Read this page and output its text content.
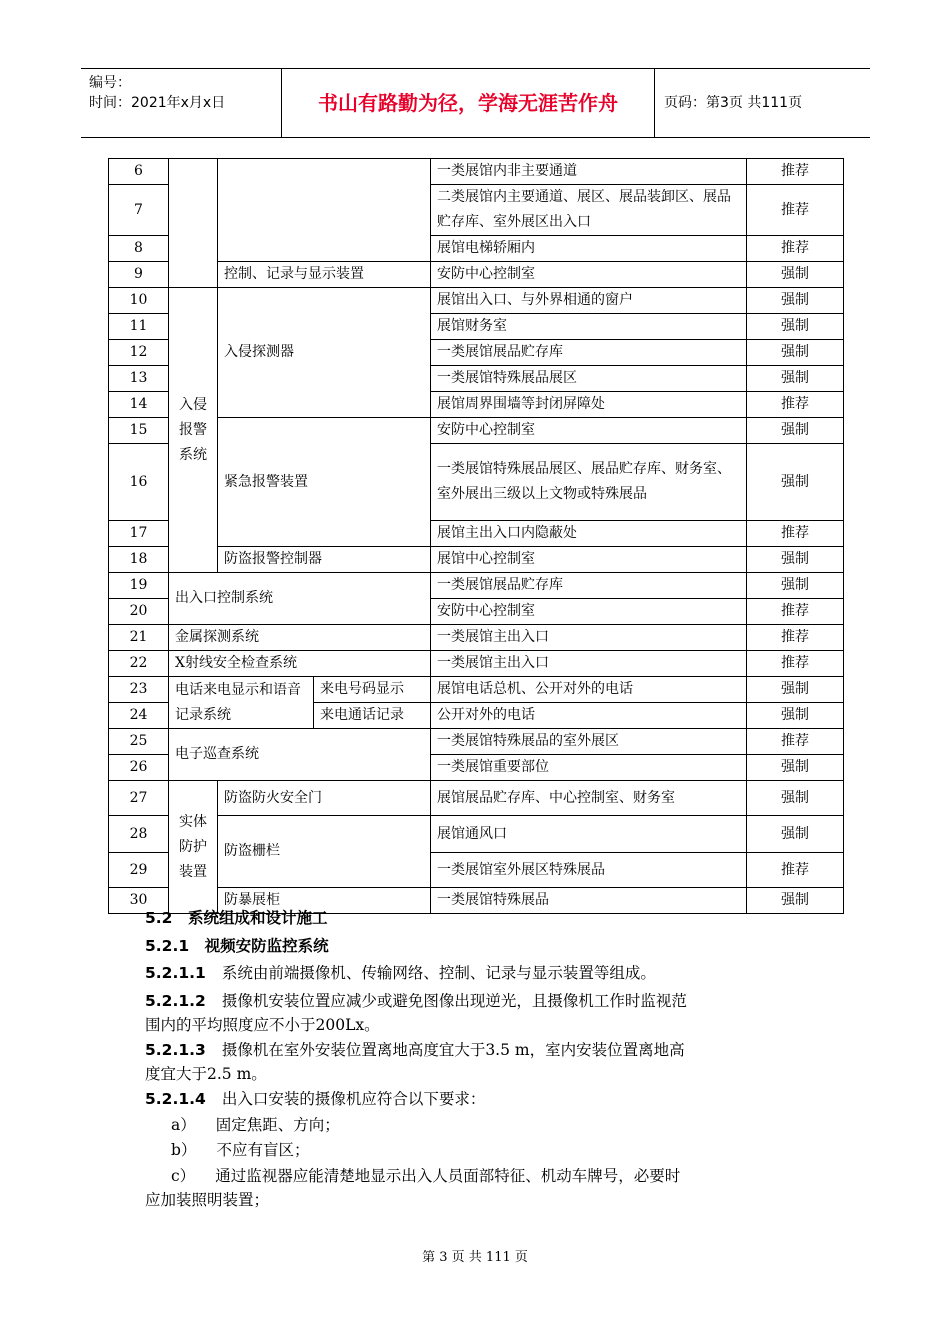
编号：
时间：2021年x月x日	书山有路勤为径，学海无涯苦作舟	页码：第3页 共111页
6				一类展馆内非主要通道	推荐
7				二类展馆内主要通道、展区、展品装卸区、展品贮存库、室外展区出入口	推荐
8				展馆电梯轿厢内	推荐
9		控制、记录与显示装置		安防中心控制室	强制
10	入侵报警系统	入侵探测器		展馆出入口、与外界相通的窗户	强制
11				展馆财务室	强制
12				一类展馆展品贮存库	强制
13				一类展馆特殊展品展区	强制
14				展馆周界围墙等封闭屏障处	推荐
15		紧急报警装置		安防中心控制室	强制
16				一类展馆特殊展品展区、展品贮存库、财务室、室外展出三级以上文物或特殊展品	强制
17				展馆主出入口内隐蔽处	推荐
18		防盗报警控制器		展馆中心控制室	强制
19	出入口控制系统			一类展馆展品贮存库	强制
20				安防中心控制室	推荐
21	金属探测系统			一类展馆主出入口	推荐
22	X射线安全检查系统			一类展馆主出入口	推荐
23	电话来电显示和语音记录系统		来电号码显示	展馆电话总机、公开对外的电话	强制
24			来电通话记录	公开对外的电话	强制
25	电子巡查系统			一类展馆特殊展品的室外展区	推荐
26				一类展馆重要部位	强制
27	实体防护装置	防盗防火安全门		展馆展品贮存库、中心控制室、财务室	强制
28		防盗栅栏		展馆通风口	强制
29				一类展馆室外展区特殊展品	推荐
30		防暴展柜		一类展馆特殊展品	强制
5.2　系统组成和设计施工
5.2.1　视频安防监控系统
5.2.1.1 系统由前端摄像机、传输网络、控制、记录与显示装置等组成。
5.2.1.2 摄像机安装位置应减少或避免图像出现逆光，且摄像机工作时监视范
围内的平均照度应不小于200Lx。
5.2.1.3 摄像机在室外安装位置离地高度宜大于3.5 m，室内安装位置离地高
度宜大于2.5 m。
5.2.1.4 出入口安装的摄像机应符合以下要求：
a） 固定焦距、方向；
b） 不应有盲区；
c） 通过监视器应能清楚地显示出入人员面部特征、机动车牌号，必要时
应加装照明装置；
第 3 页 共 111 页
